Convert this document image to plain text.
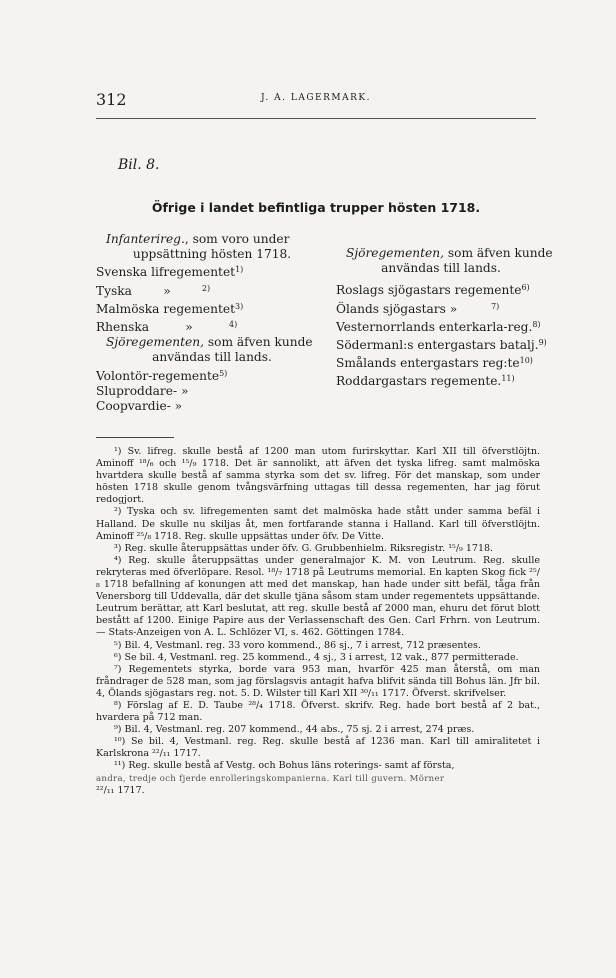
312	J. A. LAGERMARK.
Bil. 8.
Öfrige i landet befintliga trupper hösten 1718.
Infanterireg., som voro under
uppsättning hösten 1718.
Svenska lifregementet$^{1)}$
Tyska	»	$^{2)}$
Malmöska regementet$^{3)}$
Rhenska	»	$^{4)}$
Sjöregementen, som äfven kunde
användas till lands.
Volontör-regemente$^{5)}$
Sluproddare- »
Coopvardie- »
Sjöregementen, som äfven kunde
användas till lands.
Roslags sjögastars regemente$^{6)}$
Ölands sjögastars »	$^{7)}$
Vesternorrlands enterkarla-reg.$^{8)}$
Södermanl:s entergastars batalj.$^{9)}$
Smålands entergastars $reg:te^{10)}$
Roddargastars regemente.$^{11)}$

¹) Sv. lifreg. skulle bestå af 1200 man utom furirskyttar. Karl XII till öfverstlöjtn. Aminoff ¹⁸/₆ och ¹⁵/₉ 1718. Det är sannolikt, att äfven det tyska lifreg. samt malmöska hvartdera skulle bestå af samma styrka som det sv. lifreg. För det manskap, som under hösten 1718 skulle genom tvångsvärfning uttagas till dessa regementen, har jag förut redogjort.

²) Tyska och sv. lifregementen samt det malmöska hade stått under samma befäl i Halland. De skulle nu skiljas åt, men fortfarande stanna i Halland. Karl till öfverstlöjtn. Aminoff ²⁵/₈ 1718. Reg. skulle uppsättas under öfv. De Vitte.

³) Reg. skulle återuppsättas under öfv. G. Grubbenhielm. Riksregistr. ¹⁵/₉ 1718.

⁴) Reg. skulle återuppsättas under generalmajor K. M. von Leutrum. Reg. skulle rekryteras med öfverlöpare. Resol. ¹⁸/₇ 1718 på Leutrums memorial. En kapten Skog fick ²⁵/₈ 1718 befallning af konungen att med det manskap, han hade under sitt befäl, tåga från Venersborg till Uddevalla, där det skulle tjäna såsom stam under regementets uppsättande. Leutrum berättar, att Karl beslutat, att reg. skulle bestå af 2000 man, ehuru det förut blott bestått af 1200. Einige Papire aus der Verlassenschaft des Gen. Carl Frhrn. von Leutrum. — Stats-Anzeigen von A. L. Schlözer VI, s. 462. Göttingen 1784.

⁵) Bil. 4, Vestmanl. reg. 33 voro kommend., 86 sj., 7 i arrest, 712 præsentes.

⁶) Se bil. 4, Vestmanl. reg. 25 kommend., 4 sj., 3 i arrest, 12 vak., 877 permitterade.

⁷) Regementets styrka, borde vara 953 man, hvarför 425 man återstå, om man fråndrager de 528 man, som jag förslagsvis antagit hafva blifvit sända till Bohus län. Jfr bil. 4, Ölands sjögastars reg. not. 5. D. Wilster till Karl XII ³⁰/₁₁ 1717. Öfverst. skrifvelser.

⁸) Förslag af E. D. Taube ²⁸/₄ 1718. Öfverst. skrifv. Reg. hade bort bestå af 2 bat., hvardera på 712 man.

⁹) Bil. 4, Vestmanl. reg. 207 kommend., 44 abs., 75 sj. 2 i arrest, 274 præs.

¹⁰) Se bil. 4, Vestmanl. reg. Reg. skulle bestå af 1236 man. Karl till amiralitetet i Karlskrona ²²/₁₁ 1717.

¹¹) Reg. skulle bestå af Vestg. och Bohus läns roterings- samt af första,

andra, tredje och fjerde enrolleringskompanierna. Karl till guvern. Mörner

²²/₁₁ 1717.
